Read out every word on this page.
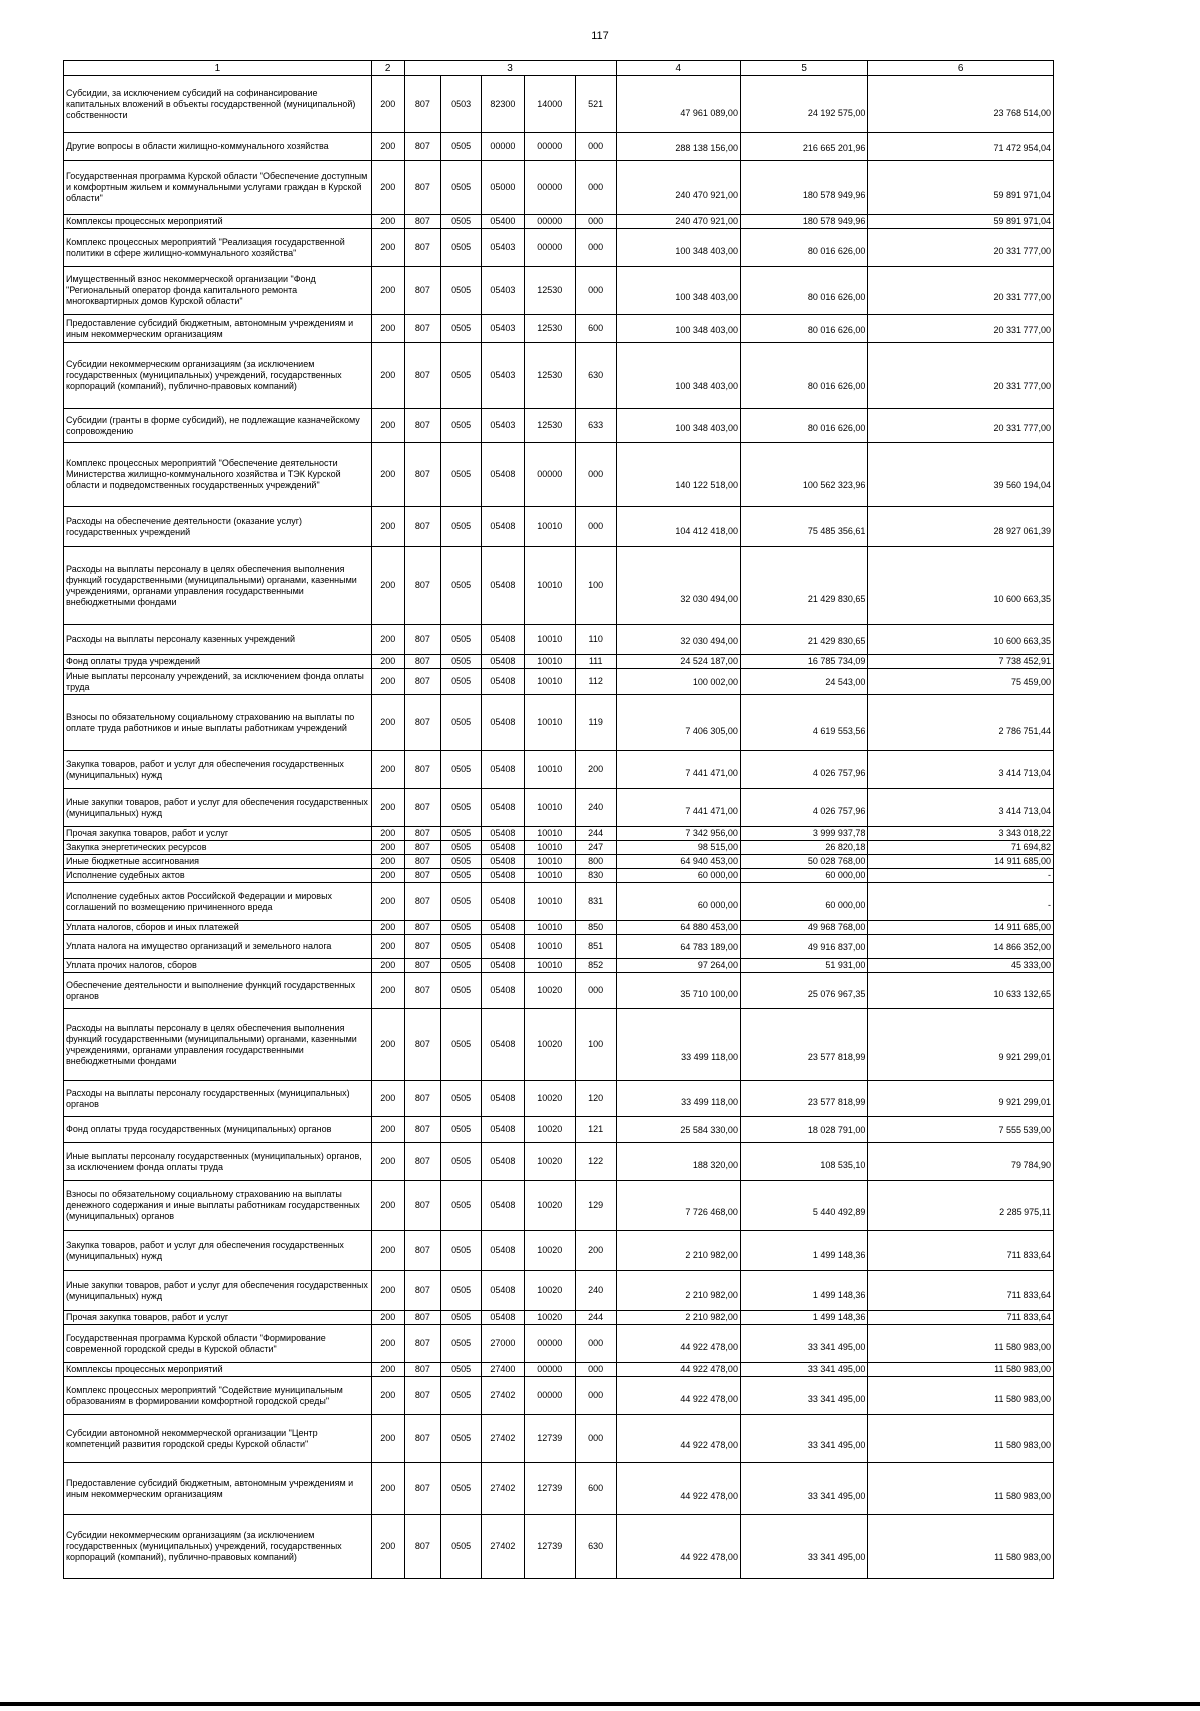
117
1	2	3					4	5	6
Субсидии, за исключением субсидий на софинансирование капитальных вложений в объекты государственной (муниципальной) собственности	200	807	0503	82300	14000	521	47 961 089,00	24 192 575,00	23 768 514,00
Другие вопросы в области жилищно-коммунального хозяйства	200	807	0505	00000	00000	000	288 138 156,00	216 665 201,96	71 472 954,04
Государственная программа Курской области "Обеспечение доступным и комфортным жильем и коммунальными услугами граждан в Курской области"	200	807	0505	05000	00000	000	240 470 921,00	180 578 949,96	59 891 971,04
Комплексы процессных мероприятий	200	807	0505	05400	00000	000	240 470 921,00	180 578 949,96	59 891 971,04
Комплекс процессных мероприятий "Реализация государственной политики в сфере жилищно-коммунального хозяйства"	200	807	0505	05403	00000	000	100 348 403,00	80 016 626,00	20 331 777,00
Имущественный взнос некоммерческой организации "Фонд "Региональный оператор фонда капитального ремонта многоквартирных домов Курской области"	200	807	0505	05403	12530	000	100 348 403,00	80 016 626,00	20 331 777,00
Предоставление субсидий бюджетным, автономным учреждениям и иным некоммерческим организациям	200	807	0505	05403	12530	600	100 348 403,00	80 016 626,00	20 331 777,00
Субсидии некоммерческим организациям (за исключением государственных (муниципальных) учреждений, государственных корпораций (компаний), публично-правовых компаний)	200	807	0505	05403	12530	630	100 348 403,00	80 016 626,00	20 331 777,00
Субсидии (гранты в форме субсидий), не подлежащие казначейскому сопровождению	200	807	0505	05403	12530	633	100 348 403,00	80 016 626,00	20 331 777,00
Комплекс процессных мероприятий "Обеспечение деятельности Министерства жилищно-коммунального хозяйства и ТЭК Курской области и подведомственных государственных учреждений"	200	807	0505	05408	00000	000	140 122 518,00	100 562 323,96	39 560 194,04
Расходы на обеспечение деятельности (оказание услуг) государственных учреждений	200	807	0505	05408	10010	000	104 412 418,00	75 485 356,61	28 927 061,39
Расходы на выплаты персоналу в целях обеспечения выполнения функций государственными (муниципальными) органами, казенными учреждениями, органами управления государственными внебюджетными фондами	200	807	0505	05408	10010	100	32 030 494,00	21 429 830,65	10 600 663,35
Расходы на выплаты персоналу казенных учреждений	200	807	0505	05408	10010	110	32 030 494,00	21 429 830,65	10 600 663,35
Фонд оплаты труда учреждений	200	807	0505	05408	10010	111	24 524 187,00	16 785 734,09	7 738 452,91
Иные выплаты персоналу учреждений, за исключением фонда оплаты труда	200	807	0505	05408	10010	112	100 002,00	24 543,00	75 459,00
Взносы по обязательному социальному страхованию на выплаты по оплате труда работников и иные выплаты работникам учреждений	200	807	0505	05408	10010	119	7 406 305,00	4 619 553,56	2 786 751,44
Закупка товаров, работ и услуг для обеспечения государственных (муниципальных) нужд	200	807	0505	05408	10010	200	7 441 471,00	4 026 757,96	3 414 713,04
Иные закупки товаров, работ и услуг для обеспечения государственных (муниципальных) нужд	200	807	0505	05408	10010	240	7 441 471,00	4 026 757,96	3 414 713,04
Прочая закупка товаров, работ и услуг	200	807	0505	05408	10010	244	7 342 956,00	3 999 937,78	3 343 018,22
Закупка энергетических ресурсов	200	807	0505	05408	10010	247	98 515,00	26 820,18	71 694,82
Иные бюджетные ассигнования	200	807	0505	05408	10010	800	64 940 453,00	50 028 768,00	14 911 685,00
Исполнение судебных актов	200	807	0505	05408	10010	830	60 000,00	60 000,00	-
Исполнение судебных актов Российской Федерации и мировых соглашений по возмещению причиненного вреда	200	807	0505	05408	10010	831	60 000,00	60 000,00	-
Уплата налогов, сборов и иных платежей	200	807	0505	05408	10010	850	64 880 453,00	49 968 768,00	14 911 685,00
Уплата налога на имущество организаций и земельного налога	200	807	0505	05408	10010	851	64 783 189,00	49 916 837,00	14 866 352,00
Уплата прочих налогов, сборов	200	807	0505	05408	10010	852	97 264,00	51 931,00	45 333,00
Обеспечение деятельности и выполнение функций государственных органов	200	807	0505	05408	10020	000	35 710 100,00	25 076 967,35	10 633 132,65
Расходы на выплаты персоналу в целях обеспечения выполнения функций государственными (муниципальными) органами, казенными учреждениями, органами управления государственными внебюджетными фондами	200	807	0505	05408	10020	100	33 499 118,00	23 577 818,99	9 921 299,01
Расходы на выплаты персоналу государственных (муниципальных) органов	200	807	0505	05408	10020	120	33 499 118,00	23 577 818,99	9 921 299,01
Фонд оплаты труда государственных (муниципальных) органов	200	807	0505	05408	10020	121	25 584 330,00	18 028 791,00	7 555 539,00
Иные выплаты персоналу государственных (муниципальных) органов, за исключением фонда оплаты труда	200	807	0505	05408	10020	122	188 320,00	108 535,10	79 784,90
Взносы по обязательному социальному страхованию на выплаты денежного содержания и иные выплаты работникам государственных (муниципальных) органов	200	807	0505	05408	10020	129	7 726 468,00	5 440 492,89	2 285 975,11
Закупка товаров, работ и услуг для обеспечения государственных (муниципальных) нужд	200	807	0505	05408	10020	200	2 210 982,00	1 499 148,36	711 833,64
Иные закупки товаров, работ и услуг для обеспечения государственных (муниципальных) нужд	200	807	0505	05408	10020	240	2 210 982,00	1 499 148,36	711 833,64
Прочая закупка товаров, работ и услуг	200	807	0505	05408	10020	244	2 210 982,00	1 499 148,36	711 833,64
Государственная программа Курской области "Формирование современной городской среды в Курской области"	200	807	0505	27000	00000	000	44 922 478,00	33 341 495,00	11 580 983,00
Комплексы процессных мероприятий	200	807	0505	27400	00000	000	44 922 478,00	33 341 495,00	11 580 983,00
Комплекс процессных мероприятий "Содействие муниципальным образованиям в формировании комфортной городской среды"	200	807	0505	27402	00000	000	44 922 478,00	33 341 495,00	11 580 983,00
Субсидии автономной некоммерческой организации "Центр компетенций развития городской среды Курской области"	200	807	0505	27402	12739	000	44 922 478,00	33 341 495,00	11 580 983,00
Предоставление субсидий бюджетным, автономным учреждениям и иным некоммерческим организациям	200	807	0505	27402	12739	600	44 922 478,00	33 341 495,00	11 580 983,00
Субсидии некоммерческим организациям (за исключением государственных (муниципальных) учреждений, государственных корпораций (компаний), публично-правовых компаний)	200	807	0505	27402	12739	630	44 922 478,00	33 341 495,00	11 580 983,00
